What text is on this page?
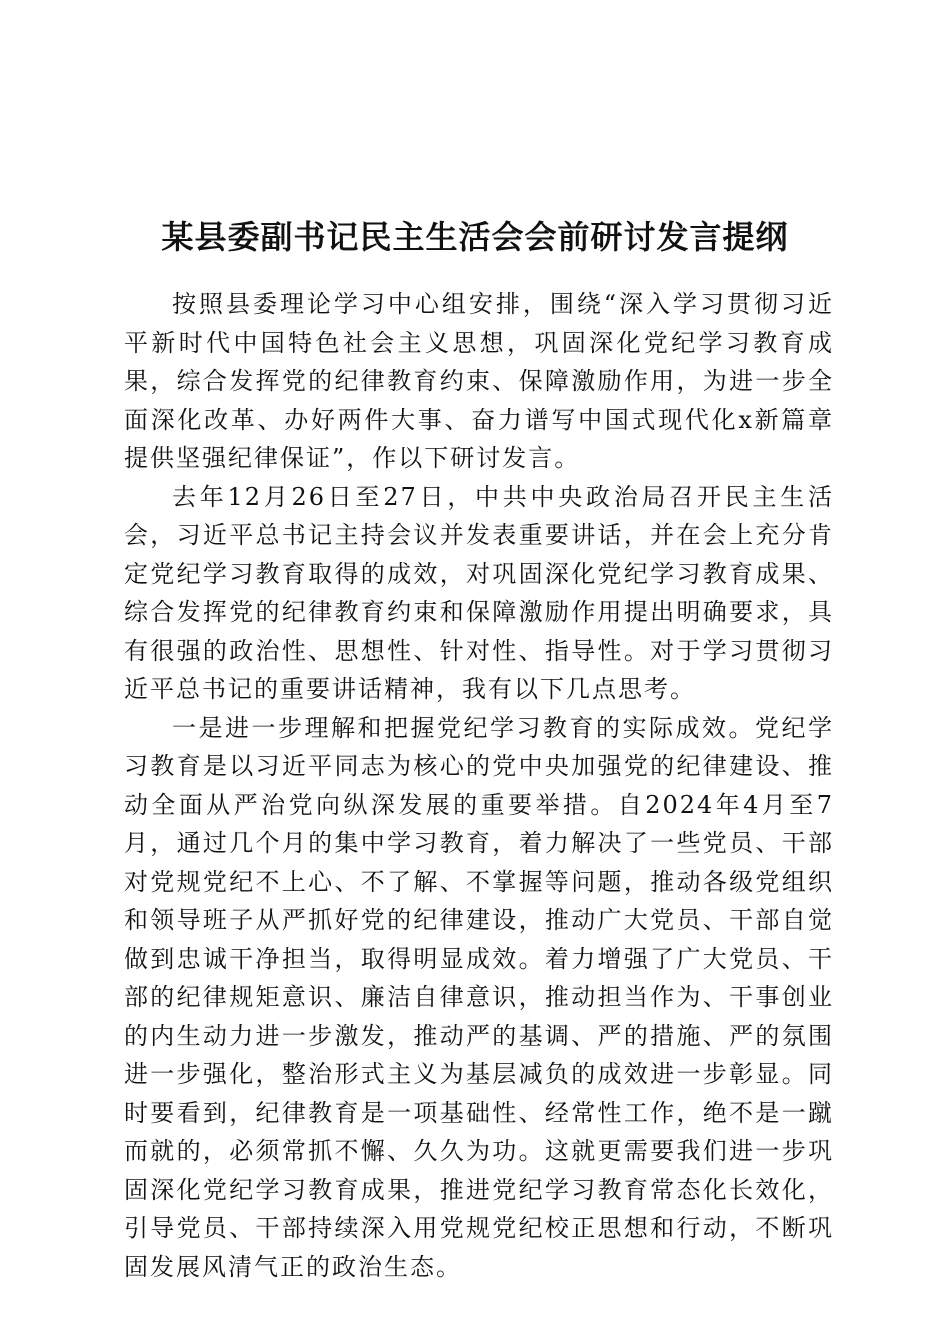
某县委副书记民主生活会会前研讨发言提纲

按照县委理论学习中心组安排，围绕“深入学习贯彻习近平新时代中国特色社会主义思想，巩固深化党纪学习教育成果，综合发挥党的纪律教育约束、保障激励作用，为进一步全面深化改革、办好两件大事、奋力谱写中国式现代化x新篇章提供坚强纪律保证”，作以下研讨发言。

去年12月26日至27日，中共中央政治局召开民主生活会，习近平总书记主持会议并发表重要讲话，并在会上充分肯定党纪学习教育取得的成效，对巩固深化党纪学习教育成果、综合发挥党的纪律教育约束和保障激励作用提出明确要求，具有很强的政治性、思想性、针对性、指导性。对于学习贯彻习近平总书记的重要讲话精神，我有以下几点思考。

一是进一步理解和把握党纪学习教育的实际成效。党纪学习教育是以习近平同志为核心的党中央加强党的纪律建设、推动全面从严治党向纵深发展的重要举措。自2024年4月至7月，通过几个月的集中学习教育，着力解决了一些党员、干部对党规党纪不上心、不了解、不掌握等问题，推动各级党组织和领导班子从严抓好党的纪律建设，推动广大党员、干部自觉做到忠诚干净担当，取得明显成效。着力增强了广大党员、干部的纪律规矩意识、廉洁自律意识，推动担当作为、干事创业的内生动力进一步激发，推动严的基调、严的措施、严的氛围进一步强化，整治形式主义为基层减负的成效进一步彰显。同时要看到，纪律教育是一项基础性、经常性工作，绝不是一蹴而就的，必须常抓不懈、久久为功。这就更需要我们进一步巩固深化党纪学习教育成果，推进党纪学习教育常态化长效化，引导党员、干部持续深入用党规党纪校正思想和行动，不断巩固发展风清气正的政治生态。
